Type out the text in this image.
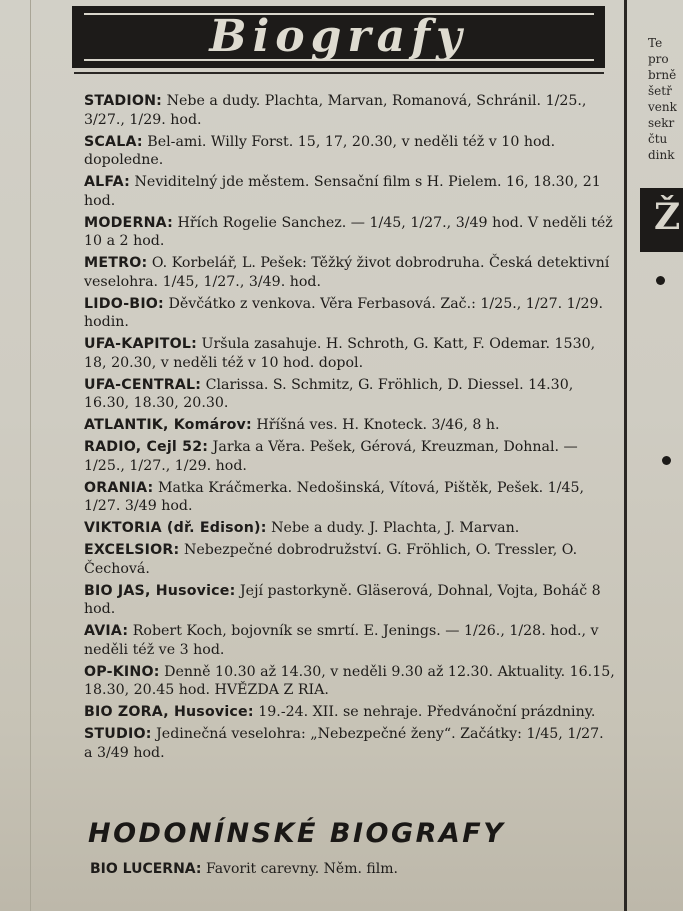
Biografy
STADION: Nebe a dudy. Plachta, Marvan, Romanová, Schránil. 1/25., 3/27., 1/29. hod.
SCALA: Bel-ami. Willy Forst. 15, 17, 20.30, v neděli též v 10 hod. dopoledne.
ALFA: Neviditelný jde městem. Sensační film s H. Pielem. 16, 18.30, 21 hod.
MODERNA: Hřích Rogelie Sanchez. — 1/45, 1/27., 3/49 hod. V neděli též 10 a 2 hod.
METRO: O. Korbelář, L. Pešek: Těžký život dobrodruha. Česká detektivní veselohra. 1/45, 1/27., 3/49. hod.
LIDO-BIO: Děvčátko z venkova. Věra Ferbasová. Zač.: 1/25., 1/27. 1/29. hodin.
UFA-KAPITOL: Uršula zasahuje. H. Schroth, G. Katt, F. Odemar. 1530, 18, 20.30, v neděli též v 10 hod. dopol.
UFA-CENTRAL: Clarissa. S. Schmitz, G. Fröhlich, D. Diessel. 14.30, 16.30, 18.30, 20.30.
ATLANTIK, Komárov: Hříšná ves. H. Knoteck. 3/46, 8 h.
RADIO, Cejl 52: Jarka a Věra. Pešek, Gérová, Kreuzman, Dohnal. — 1/25., 1/27., 1/29. hod.
ORANIA: Matka Kráčmerka. Nedošinská, Vítová, Pištěk, Pešek. 1/45, 1/27. 3/49 hod.
VIKTORIA (dř. Edison): Nebe a dudy. J. Plachta, J. Marvan.
EXCELSIOR: Nebezpečné dobrodružství. G. Fröhlich, O. Tressler, O. Čechová.
BIO JAS, Husovice: Její pastorkyně. Gläserová, Dohnal, Vojta, Boháč 8 hod.
AVIA: Robert Koch, bojovník se smrtí. E. Jenings. — 1/26., 1/28. hod., v neděli též ve 3 hod.
OP-KINO: Denně 10.30 až 14.30, v neděli 9.30 až 12.30. Aktuality. 16.15, 18.30, 20.45 hod. HVĚZDA Z RIA.
BIO ZORA, Husovice: 19.-24. XII. se nehraje. Předvánoční prázdniny.
STUDIO: Jedinečná veselohra: „Nebezpečné ženy“. Začátky: 1/45, 1/27. a 3/49 hod.
HODONÍNSKÉ BIOGRAFY
BIO LUCERNA: Favorit carevny. Něm. film.
Ž
Te
pro
brně
šetř
venk
sekr
čtu
dink
